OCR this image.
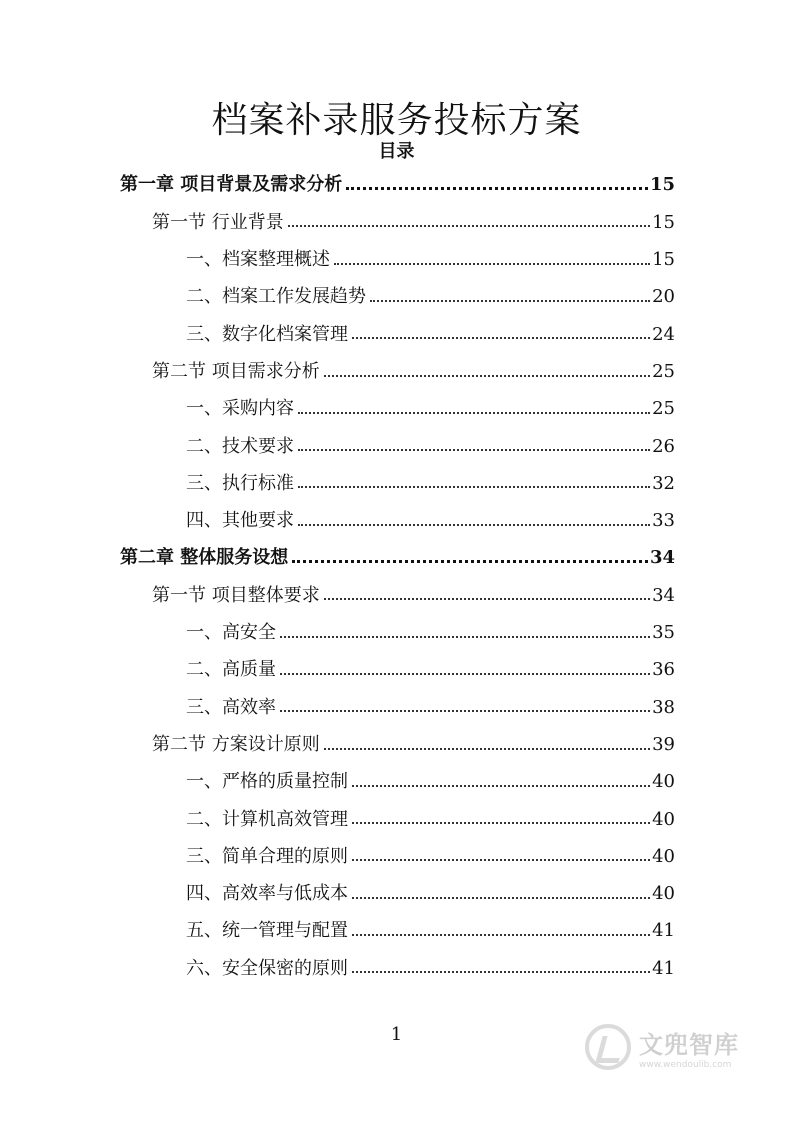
档案补录服务投标方案
目录
第一章 项目背景及需求分析	15
第一节 行业背景	15
一、档案整理概述	15
二、档案工作发展趋势	20
三、数字化档案管理	24
第二节 项目需求分析	25
一、采购内容	25
二、技术要求	26
三、执行标准	32
四、其他要求	33
第二章 整体服务设想	34
第一节 项目整体要求	34
一、高安全	35
二、高质量	36
三、高效率	38
第二节 方案设计原则	39
一、严格的质量控制	40
二、计算机高效管理	40
三、简单合理的原则	40
四、高效率与低成本	40
五、统一管理与配置	41
六、安全保密的原则	41
1	文兜智库
www.wendoulib.com
